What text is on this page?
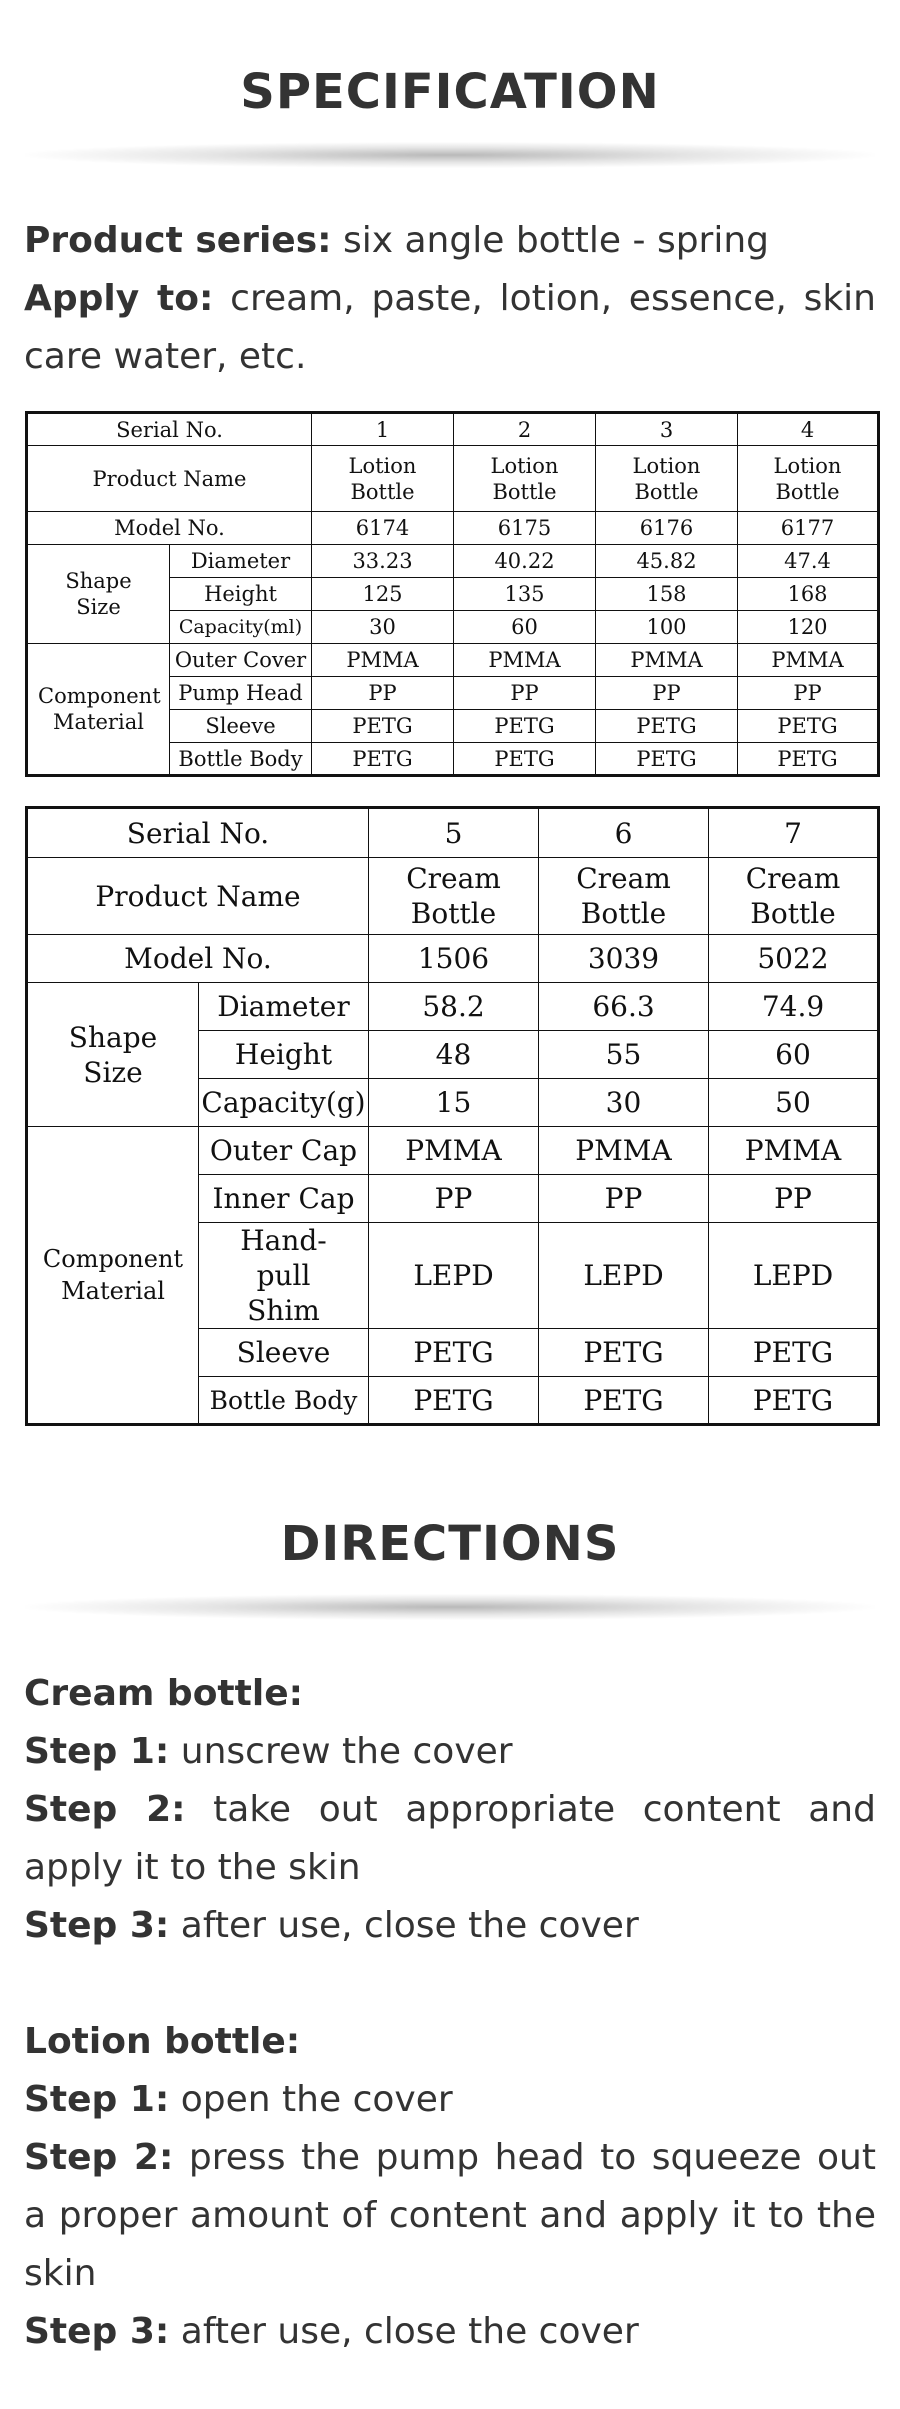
SPECIFICATION
Product series: six angle bottle - spring
Apply to: cream, paste, lotion, essence, skin care water, etc.
Serial No.		1	2	3	4
Product Name		Lotion Bottle	Lotion Bottle	Lotion Bottle	Lotion Bottle
Model No.		6174	6175	6176	6177
Shape Size	Diameter	33.23	40.22	45.82	47.4
	Height	125	135	158	168
	Capacity(ml)	30	60	100	120
Component Material	Outer Cover	PMMA	PMMA	PMMA	PMMA
	Pump Head	PP	PP	PP	PP
	Sleeve	PETG	PETG	PETG	PETG
	Bottle Body	PETG	PETG	PETG	PETG
Serial No.		5	6	7
Product Name		Cream Bottle	Cream Bottle	Cream Bottle
Model No.		1506	3039	5022
Shape Size	Diameter	58.2	66.3	74.9
	Height	48	55	60
	Capacity(g)	15	30	50
Component Material	Outer Cap	PMMA	PMMA	PMMA
	Inner Cap	PP	PP	PP
	Hand-pull Shim	LEPD	LEPD	LEPD
	Sleeve	PETG	PETG	PETG
	Bottle Body	PETG	PETG	PETG
DIRECTIONS
Cream bottle:
Step 1: unscrew the cover
Step 2: take out appropriate content and apply it to the skin
Step 3: after use, close the cover
Lotion bottle:
Step 1: open the cover
Step 2: press the pump head to squeeze out a proper amount of content and apply it to the skin
Step 3: after use, close the cover
